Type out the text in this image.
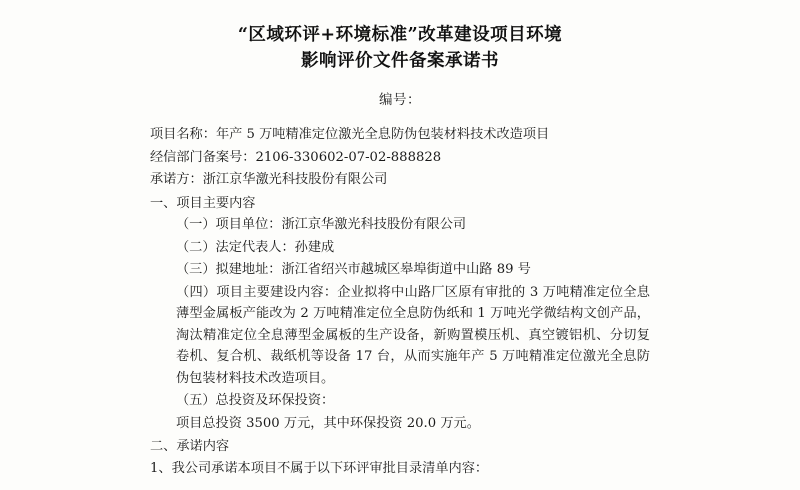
“区域环评+环境标准”改革建设项目环境
影响评价文件备案承诺书
编号：

项目名称：年产 5 万吨精准定位激光全息防伪包装材料技术改造项目

经信部门备案号：2106-330602-07-02-888828

承诺方：浙江京华激光科技股份有限公司

一、项目主要内容

（一）项目单位：浙江京华激光科技股份有限公司

（二）法定代表人：孙建成

（三）拟建地址：浙江省绍兴市越城区皋埠街道中山路 89 号

（四）项目主要建设内容：企业拟将中山路厂区原有审批的 3 万吨精准定位全息薄型金属板产能改为 2 万吨精准定位全息防伪纸和 1 万吨光学微结构文创产品，淘汰精准定位全息薄型金属板的生产设备，新购置模压机、真空镀铝机、分切复卷机、复合机、裁纸机等设备 17 台，从而实施年产 5 万吨精准定位激光全息防伪包装材料技术改造项目。

（五）总投资及环保投资：

项目总投资 3500 万元，其中环保投资 20.0 万元。

二、承诺内容

1、我公司承诺本项目不属于以下环评审批目录清单内容：
